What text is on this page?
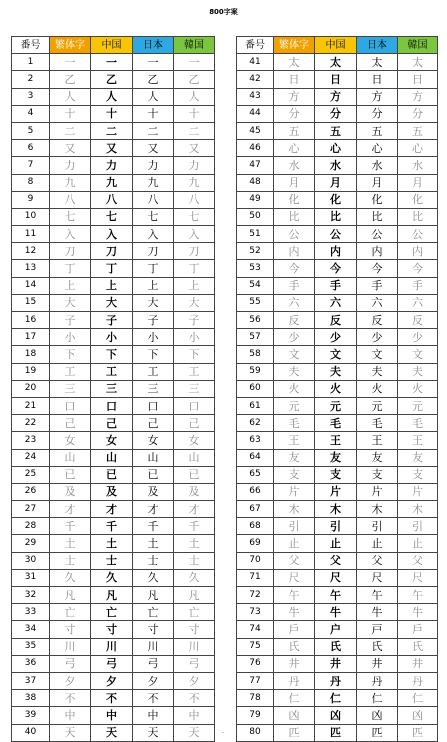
800字案
番号	繁体字	中国	日本	韓国
1	一	一	一	一
2	乙	乙	乙	乙
3	人	人	人	人
4	十	十	十	十
5	二	二	二	二
6	又	又	又	又
7	力	力	力	力
8	九	九	九	九
9	八	八	八	八
10	七	七	七	七
11	入	入	入	入
12	刀	刀	刀	刀
13	丁	丁	丁	丁
14	上	上	上	上
15	大	大	大	大
16	子	子	子	子
17	小	小	小	小
18	下	下	下	下
19	工	工	工	工
20	三	三	三	三
21	口	口	口	口
22	己	己	己	己
23	女	女	女	女
24	山	山	山	山
25	已	已	已	已
26	及	及	及	及
27	才	才	才	才
28	千	千	千	千
29	土	土	土	土
30	士	士	士	士
31	久	久	久	久
32	凡	凡	凡	凡
33	亡	亡	亡	亡
34	寸	寸	寸	寸
35	川	川	川	川
36	弓	弓	弓	弓
37	夕	夕	夕	夕
38	不	不	不	不
39	中	中	中	中
40	天	天	天	天
番号	繁体字	中国	日本	韓国
41	太	太	太	太
42	日	日	日	日
43	方	方	方	方
44	分	分	分	分
45	五	五	五	五
46	心	心	心	心
47	水	水	水	水
48	月	月	月	月
49	化	化	化	化
50	比	比	比	比
51	公	公	公	公
52	内	内	内	内
53	今	今	今	今
54	手	手	手	手
55	六	六	六	六
56	反	反	反	反
57	少	少	少	少
58	文	文	文	文
59	夫	夫	夫	夫
60	火	火	火	火
61	元	元	元	元
62	毛	毛	毛	毛
63	王	王	王	王
64	友	友	友	友
65	支	支	支	支
66	片	片	片	片
67	木	木	木	木
68	引	引	引	引
69	止	止	止	止
70	父	父	父	父
71	尺	尺	尺	尺
72	午	午	午	午
73	牛	牛	牛	牛
74	戶	户	戸	戶
75	氏	氏	氏	氏
76	井	井	井	井
77	丹	丹	丹	丹
78	仁	仁	仁	仁
79	凶	凶	凶	凶
80	匹	匹	匹	匹
.
